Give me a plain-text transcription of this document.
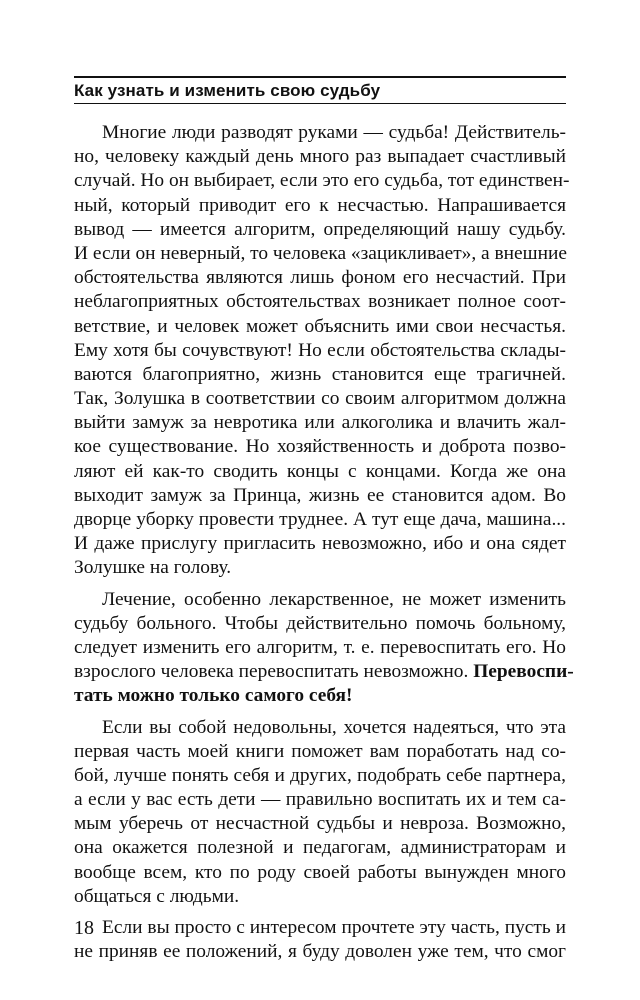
Как узнать и изменить свою судьбу
Многие люди разводят руками — судьба! Действитель-
но, человеку каждый день много раз выпадает счастливый
случай. Но он выбирает, если это его судьба, тот единствен-
ный, который приводит его к несчастью. Напрашивается
вывод — имеется алгоритм, определяющий нашу судьбу.
И если он неверный, то человека «зацикливает», а внешние
обстоятельства являются лишь фоном его несчастий. При
неблагоприятных обстоятельствах возникает полное соот-
ветствие, и человек может объяснить ими свои несчастья.
Ему хотя бы сочувствуют! Но если обстоятельства склады-
ваются благоприятно, жизнь становится еще трагичней.
Так, Золушка в соответствии со своим алгоритмом должна
выйти замуж за невротика или алкоголика и влачить жал-
кое существование. Но хозяйственность и доброта позво-
ляют ей как-то сводить концы с концами. Когда же она
выходит замуж за Принца, жизнь ее становится адом. Во
дворце уборку провести труднее. А тут еще дача, машина...
И даже прислугу пригласить невозможно, ибо и она сядет
Золушке на голову.
Лечение, особенно лекарственное, не может изменить
судьбу больного. Чтобы действительно помочь больному,
следует изменить его алгоритм, т. е. перевоспитать его. Но
взрослого человека перевоспитать невозможно. Перевоспи-
тать можно только самого себя!
Если вы собой недовольны, хочется надеяться, что эта
первая часть моей книги поможет вам поработать над со-
бой, лучше понять себя и других, подобрать себе партнера,
а если у вас есть дети — правильно воспитать их и тем са-
мым уберечь от несчастной судьбы и невроза. Возможно,
она окажется полезной и педагогам, администраторам и
вообще всем, кто по роду своей работы вынужден много
общаться с людьми.
Если вы просто с интересом прочтете эту часть, пусть и
не приняв ее положений, я буду доволен уже тем, что смог
18
